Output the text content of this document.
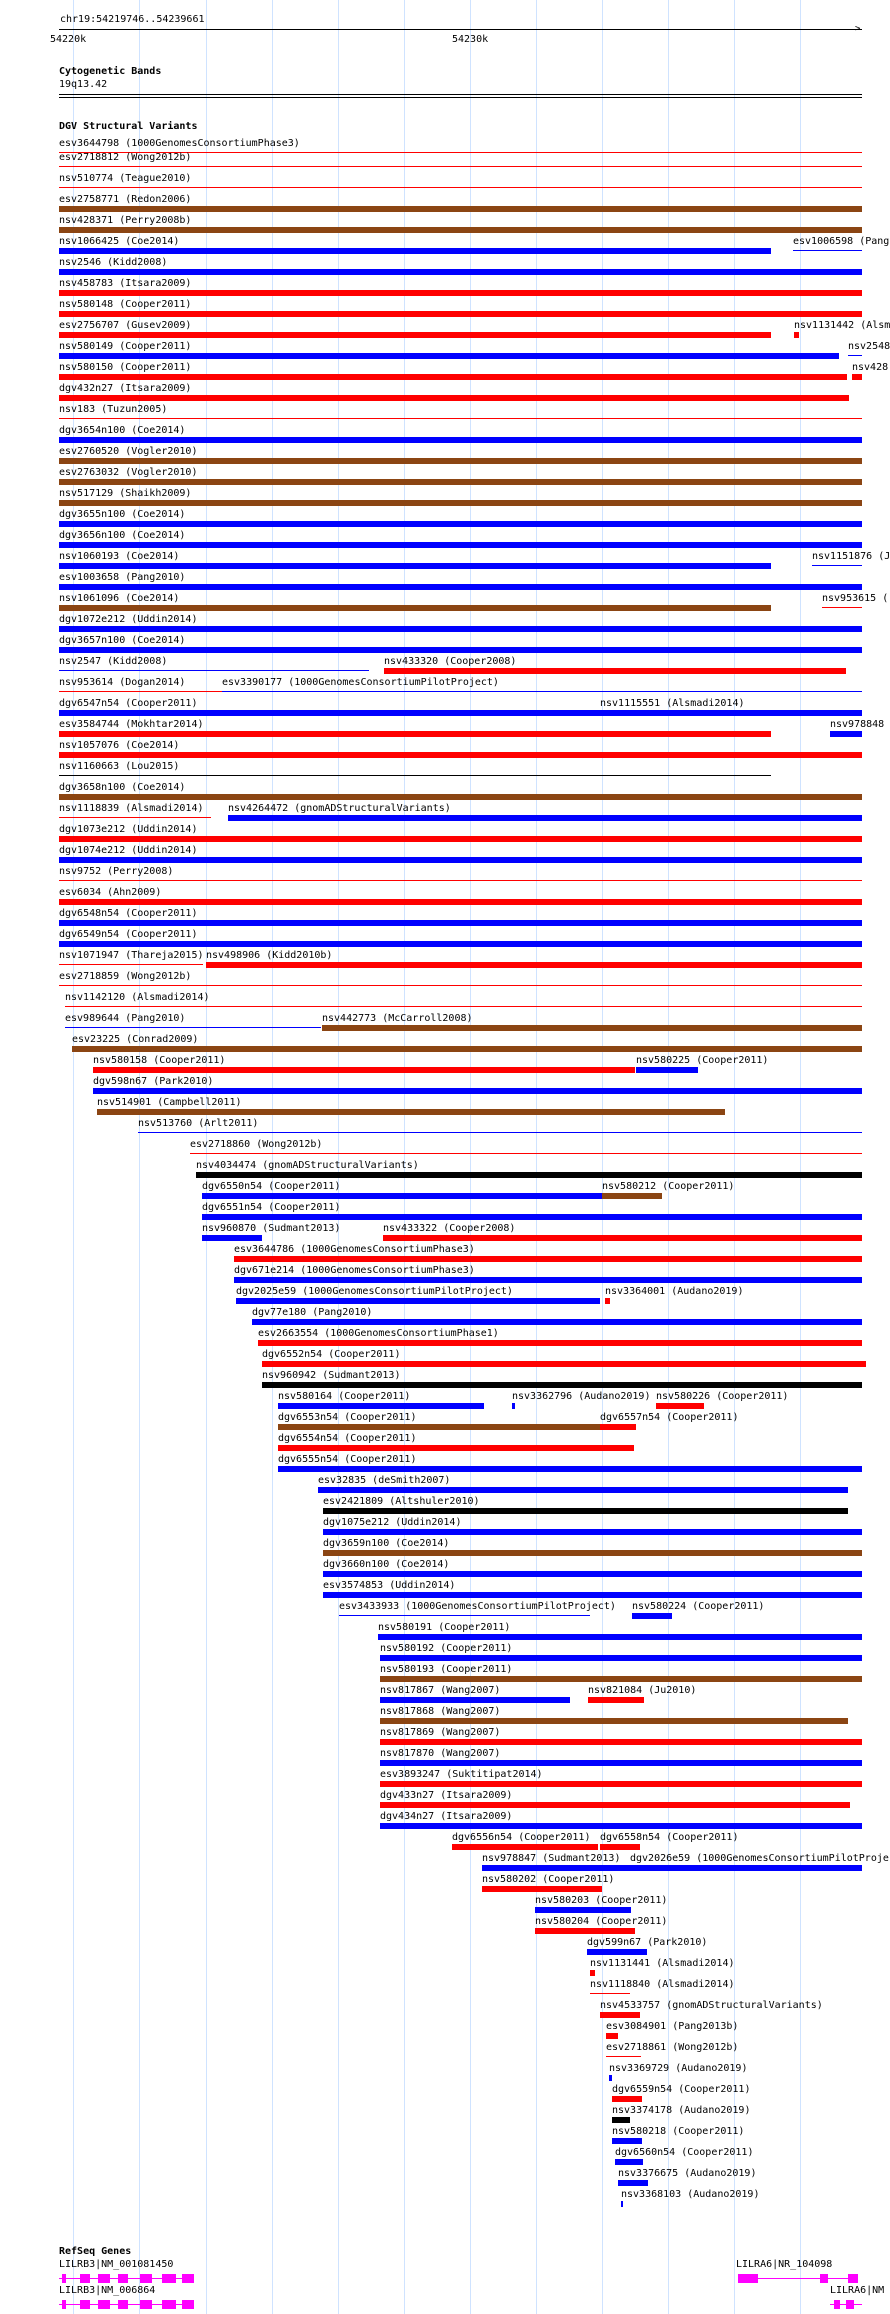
chr19:54219746..54239661
>
54220k	54230k
Cytogenetic Bands
19q13.42
DGV Structural Variants
esv3644798 (1000GenomesConsortiumPhase3)
esv2718812 (Wong2012b)
nsv510774 (Teague2010)
esv2758771 (Redon2006)
nsv428371 (Perry2008b)
nsv1066425 (Coe2014)	esv1006598 (Pang
nsv2546 (Kidd2008)
nsv458783 (Itsara2009)
nsv580148 (Cooper2011)
esv2756707 (Gusev2009)	nsv1131442 (Alsm
nsv580149 (Cooper2011)	nsv2548
nsv580150 (Cooper2011)	nsv428
dgv432n27 (Itsara2009)
nsv183 (Tuzun2005)
dgv3654n100 (Coe2014)
esv2760520 (Vogler2010)
esv2763032 (Vogler2010)
nsv517129 (Shaikh2009)
dgv3655n100 (Coe2014)
dgv3656n100 (Coe2014)
nsv1060193 (Coe2014)	nsv1151876 (J
esv1003658 (Pang2010)
nsv1061096 (Coe2014)	nsv953615 (
dgv1072e212 (Uddin2014)
dgv3657n100 (Coe2014)
nsv2547 (Kidd2008)	nsv433320 (Cooper2008)
nsv953614 (Dogan2014)	esv3390177 (1000GenomesConsortiumPilotProject)
dgv6547n54 (Cooper2011)	nsv1115551 (Alsmadi2014)
esv3584744 (Mokhtar2014)	nsv978848
nsv1057076 (Coe2014)
nsv1160663 (Lou2015)
dgv3658n100 (Coe2014)
nsv1118839 (Alsmadi2014) nsv4264472 (gnomADStructuralVariants)
dgv1073e212 (Uddin2014)
dgv1074e212 (Uddin2014)
nsv9752 (Perry2008)
esv6034 (Ahn2009)
dgv6548n54 (Cooper2011)
dgv6549n54 (Cooper2011)
nsv1071947 (Thareja2015) nsv498906 (Kidd2010b)
esv2718859 (Wong2012b)
nsv1142120 (Alsmadi2014)
esv989644 (Pang2010)	nsv442773 (McCarroll2008)
esv23225 (Conrad2009)
nsv580158 (Cooper2011)	nsv580225 (Cooper2011)
dgv598n67 (Park2010)
nsv514901 (Campbell2011)
nsv513760 (Arlt2011)
esv2718860 (Wong2012b)
nsv4034474 (gnomADStructuralVariants)
dgv6550n54 (Cooper2011)	nsv580212 (Cooper2011)
dgv6551n54 (Cooper2011)
nsv960870 (Sudmant2013)	nsv433322 (Cooper2008)
esv3644786 (1000GenomesConsortiumPhase3)
dgv671e214 (1000GenomesConsortiumPhase3)
dgv2025e59 (1000GenomesConsortiumPilotProject)	nsv3364001 (Audano2019)
dgv77e180 (Pang2010)
esv2663554 (1000GenomesConsortiumPhase1)
dgv6552n54 (Cooper2011)
nsv960942 (Sudmant2013)
nsv580164 (Cooper2011)	nsv3362796 (Audano2019) nsv580226 (Cooper2011)
dgv6553n54 (Cooper2011)	dgv6557n54 (Cooper2011)
dgv6554n54 (Cooper2011)
dgv6555n54 (Cooper2011)
esv32835 (deSmith2007)
esv2421809 (Altshuler2010)
dgv1075e212 (Uddin2014)
dgv3659n100 (Coe2014)
dgv3660n100 (Coe2014)
esv3574853 (Uddin2014)
esv3433933 (1000GenomesConsortiumPilotProject) nsv580224 (Cooper2011)
nsv580191 (Cooper2011)
nsv580192 (Cooper2011)
nsv580193 (Cooper2011)
nsv817867 (Wang2007)	nsv821084 (Ju2010)
nsv817868 (Wang2007)
nsv817869 (Wang2007)
nsv817870 (Wang2007)
esv3893247 (Suktitipat2014)
dgv433n27 (Itsara2009)
dgv434n27 (Itsara2009)
dgv6556n54 (Cooper2011) dgv6558n54 (Cooper2011)
nsv978847 (Sudmant2013) dgv2026e59 (1000GenomesConsortiumPilotProje
nsv580202 (Cooper2011)
nsv580203 (Cooper2011)
nsv580204 (Cooper2011)
dgv599n67 (Park2010)
nsv1131441 (Alsmadi2014)
nsv1118840 (Alsmadi2014)
nsv4533757 (gnomADStructuralVariants)
esv3084901 (Pang2013b)
esv2718861 (Wong2012b)
nsv3369729 (Audano2019)
dgv6559n54 (Cooper2011)
nsv3374178 (Audano2019)
nsv580218 (Cooper2011)
dgv6560n54 (Cooper2011)
nsv3376675 (Audano2019)
nsv3368103 (Audano2019)
RefSeq Genes
LILRB3|NM_001081450
LILRB3|NM_006864
LILRA6|NR_104098
LILRA6|NM
